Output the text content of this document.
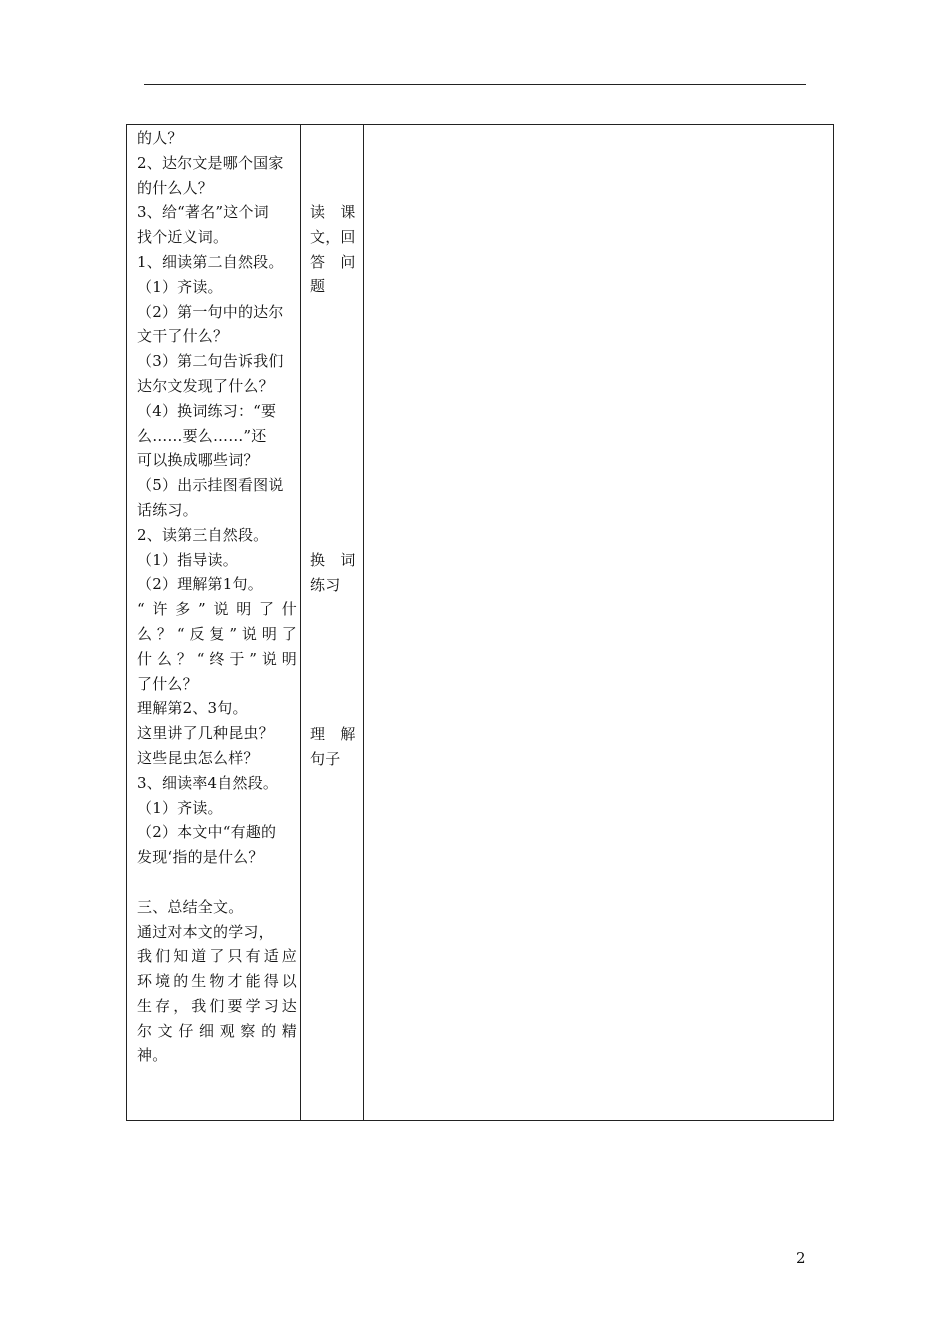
的人？
2、达尔文是哪个国家
的什么人？
3、给“著名”这个词
找个近义词。
1、细读第二自然段。
（1）齐读。
（2）第一句中的达尔
文干了什么？
（3）第二句告诉我们
达尔文发现了什么？
（4）换词练习：“要
么……要么……”还
可以换成哪些词？
（5）出示挂图看图说
话练习。
2、读第三自然段。
（1）指导读。
（2）理解第1句。
“许多”说明了什
么？“反复”说明了
什么？“终于”说明
了什么？
理解第2、3句。
这里讲了几种昆虫？
这些昆虫怎么样？
3、细读率4自然段。
（1）齐读。
（2）本文中“有趣的
发现‘指的是什么？
三、总结全文。
通过对本文的学习，
我们知道了只有适应
环境的生物才能得以
生存，我们要学习达
尔文仔细观察的精
神。
读　课
文，回
答　问
题
换　词
练习
理　解
句子
2
